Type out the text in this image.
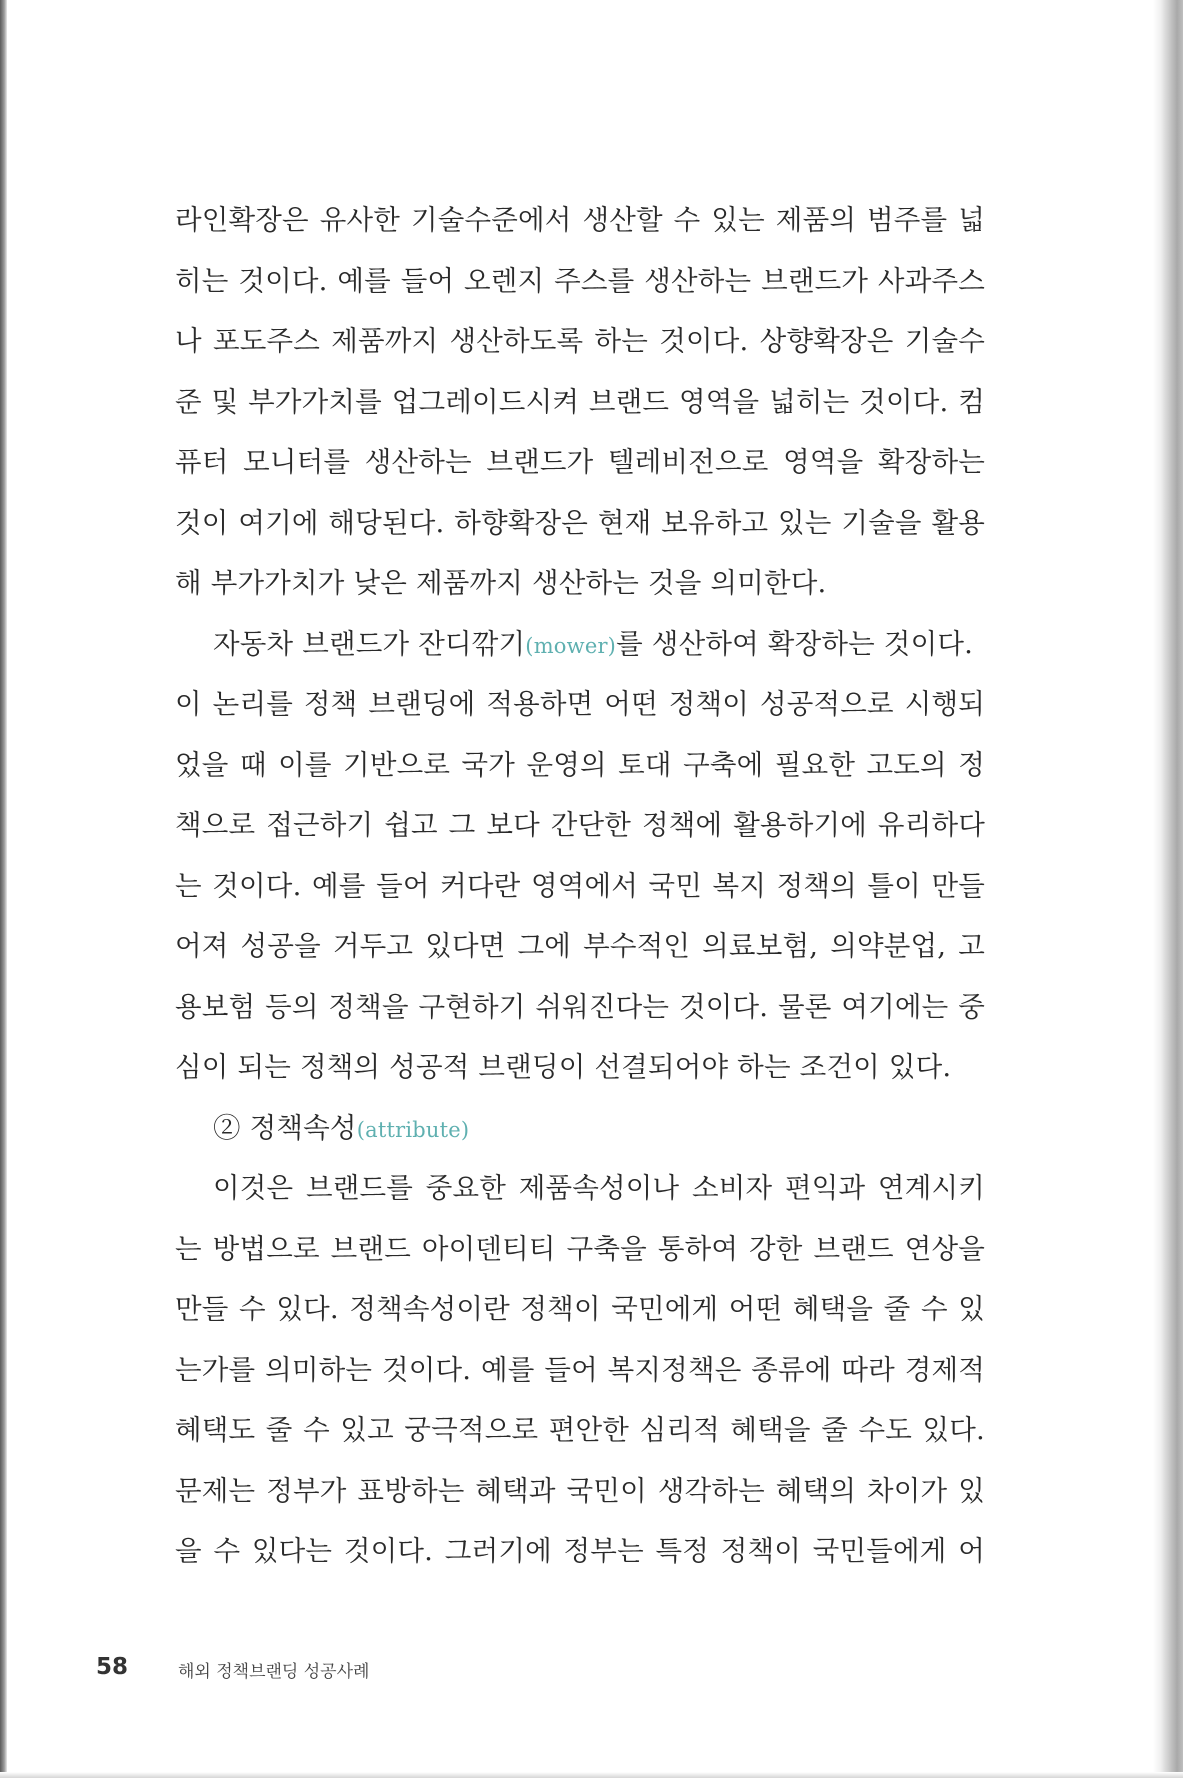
라인확장은 유사한 기술수준에서 생산할 수 있는 제품의 범주를 넓
히는 것이다. 예를 들어 오렌지 주스를 생산하는 브랜드가 사과주스
나 포도주스 제품까지 생산하도록 하는 것이다. 상향확장은 기술수
준 및 부가가치를 업그레이드시켜 브랜드 영역을 넓히는 것이다. 컴
퓨터 모니터를 생산하는 브랜드가 텔레비전으로 영역을 확장하는
것이 여기에 해당된다. 하향확장은 현재 보유하고 있는 기술을 활용
해 부가가치가 낮은 제품까지 생산하는 것을 의미한다.
자동차 브랜드가 잔디깎기(mower)를 생산하여 확장하는 것이다.
이 논리를 정책 브랜딩에 적용하면 어떤 정책이 성공적으로 시행되
었을 때 이를 기반으로 국가 운영의 토대 구축에 필요한 고도의 정
책으로 접근하기 쉽고 그 보다 간단한 정책에 활용하기에 유리하다
는 것이다. 예를 들어 커다란 영역에서 국민 복지 정책의 틀이 만들
어져 성공을 거두고 있다면 그에 부수적인 의료보험, 의약분업, 고
용보험 등의 정책을 구현하기 쉬워진다는 것이다. 물론 여기에는 중
심이 되는 정책의 성공적 브랜딩이 선결되어야 하는 조건이 있다.
② 정책속성(attribute)
이것은 브랜드를 중요한 제품속성이나 소비자 편익과 연계시키
는 방법으로 브랜드 아이덴티티 구축을 통하여 강한 브랜드 연상을
만들 수 있다. 정책속성이란 정책이 국민에게 어떤 혜택을 줄 수 있
는가를 의미하는 것이다. 예를 들어 복지정책은 종류에 따라 경제적
혜택도 줄 수 있고 궁극적으로 편안한 심리적 혜택을 줄 수도 있다.
문제는 정부가 표방하는 혜택과 국민이 생각하는 혜택의 차이가 있
을 수 있다는 것이다. 그러기에 정부는 특정 정책이 국민들에게 어
58	해외 정책브랜딩 성공사례
